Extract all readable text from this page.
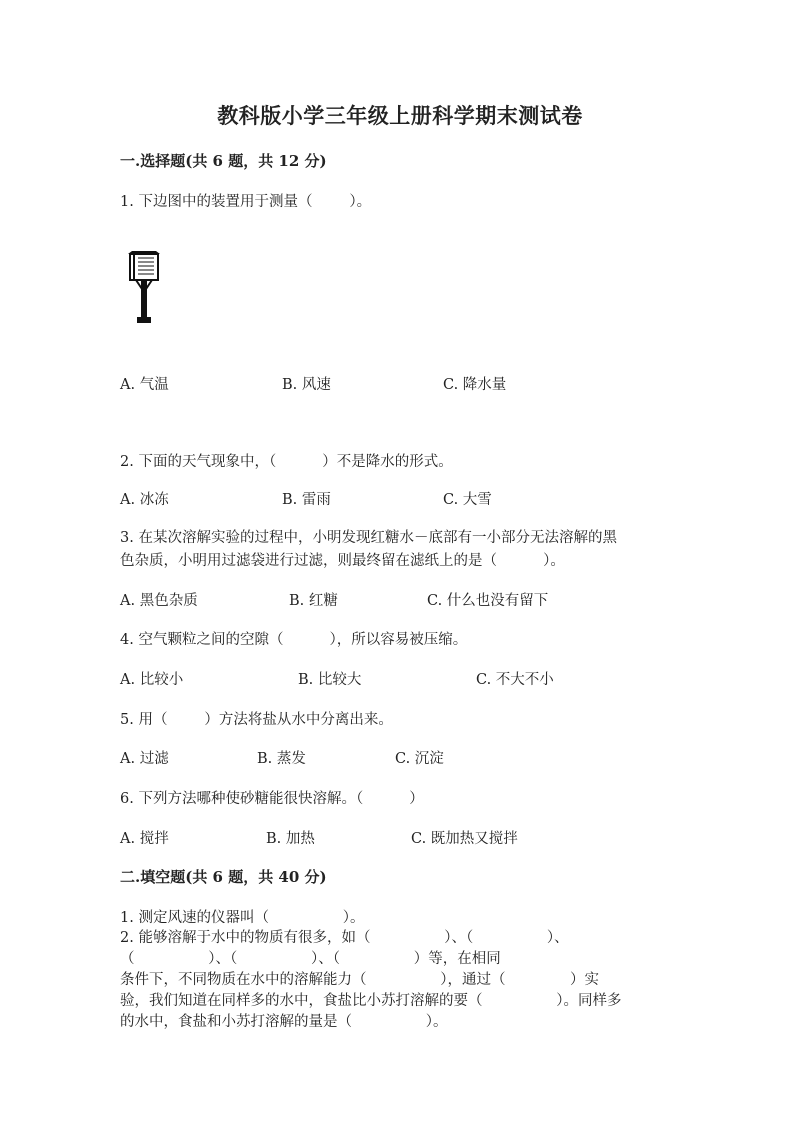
教科版小学三年级上册科学期末测试卷
一.选择题(共 6 题，共 12 分)
1. 下边图中的装置用于测量（        ）。
A. 气温	B. 风速	C. 降水量
2. 下面的天气现象中，（          ）不是降水的形式。
A. 冰冻	B. 雷雨	C. 大雪
3. 在某次溶解实验的过程中，小明发现红糖水－底部有一小部分无法溶解的黑
色杂质，小明用过滤袋进行过滤，则最终留在滤纸上的是（          ）。
A. 黑色杂质	B. 红糖	C. 什么也没有留下
4. 空气颗粒之间的空隙（          ），所以容易被压缩。
A. 比较小	B. 比较大	C. 不大不小
5. 用（        ）方法将盐从水中分离出来。
A. 过滤	B. 蒸发	C. 沉淀
6. 下列方法哪种使砂糖能很快溶解。（          ）
A. 搅拌	B. 加热	C. 既加热又搅拌
二.填空题(共 6 题，共 40 分)
1. 测定风速的仪器叫（                ）。
2. 能够溶解于水中的物质有很多，如（                ）、（                ）、
（                ）、（                ）、（                ）等，在相同
条件下，不同物质在水中的溶解能力（                ），通过（              ）实
验，我们知道在同样多的水中，食盐比小苏打溶解的要（                ）。同样多
的水中，食盐和小苏打溶解的量是（                ）。
